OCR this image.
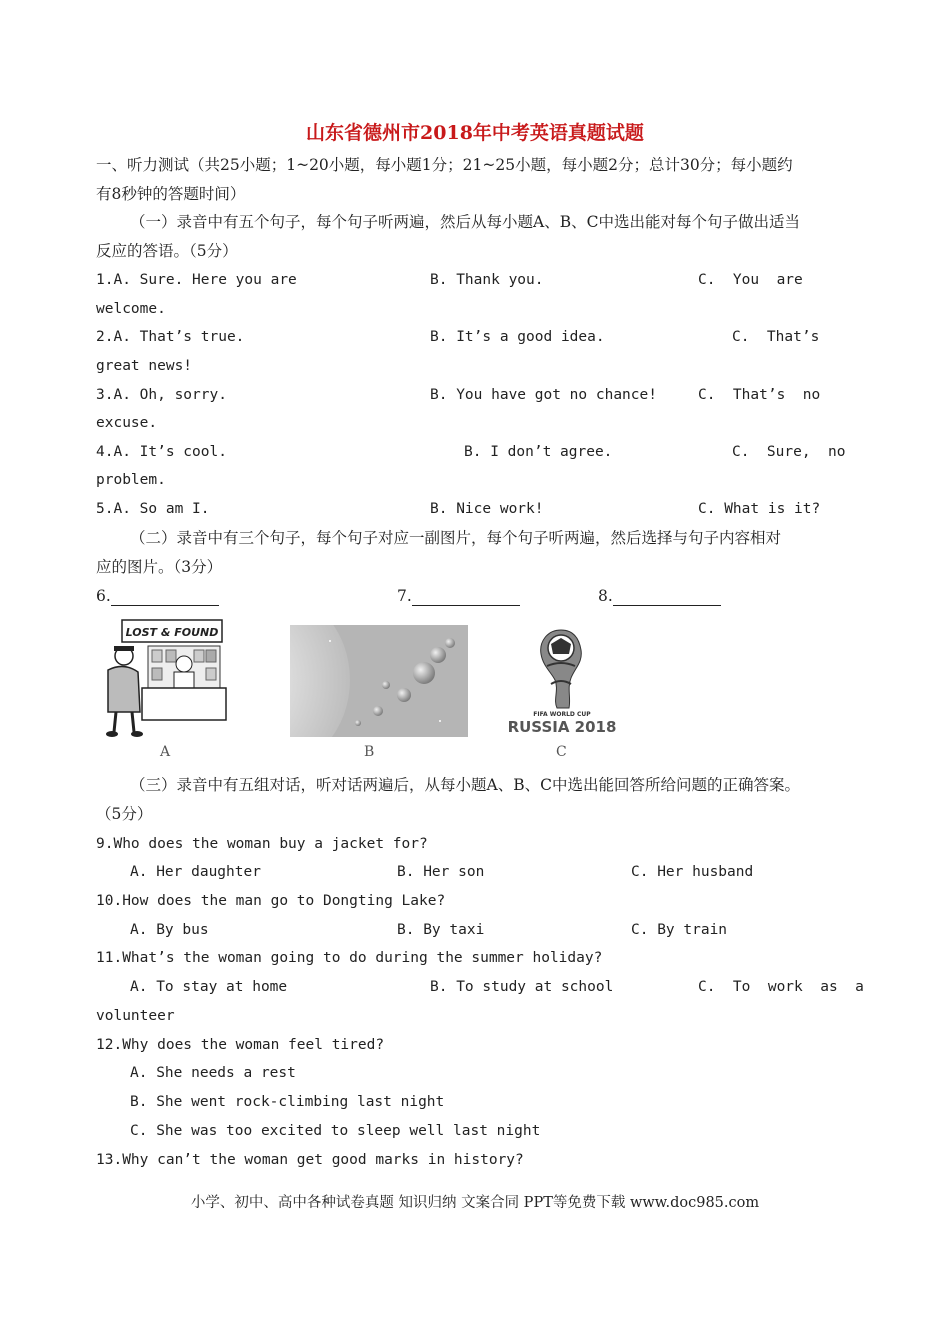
山东省德州市2018年中考英语真题试题
一、听力测试（共25小题；1~20小题，每小题1分；21~25小题，每小题2分；总计30分；每小题约
有8秒钟的答题时间）
（一）录音中有五个句子，每个句子听两遍，然后从每小题A、B、C中选出能对每个句子做出适当
反应的答语。（5分）
1.A. Sure. Here you are	B. Thank you.	C.  You  are
welcome.
2.A. That’s true.	B. It’s a good idea.	C.  That’s
great news!
3.A. Oh, sorry.	B. You have got no chance!	C.  That’s  no
excuse.
4.A. It’s cool.	B. I don’t agree.	C.  Sure,  no
problem.
5.A. So am I.	B. Nice work!	C. What is it?
（二）录音中有三个句子，每个句子对应一副图片，每个句子听两遍，然后选择与句子内容相对
应的图片。（3分）
6.	7.	8.
LOST & FOUND
FIFA WORLD CUP
RUSSIA 2018
A	B	C
（三）录音中有五组对话，听对话两遍后，从每小题A、B、C中选出能回答所给问题的正确答案。
（5分）
9.Who does the woman buy a jacket for?
A. Her daughter	B. Her son	C. Her husband
10.How does the man go to Dongting Lake?
A. By bus	B. By taxi	C. By train
11.What’s the woman going to do during the summer holiday?
A. To stay at home	B. To study at school	C.  To  work  as  a
volunteer
12.Why does the woman feel tired?
A. She needs a rest
B. She went rock-climbing last night
C. She was too excited to sleep well last night
13.Why can’t the woman get good marks in history?
小学、初中、高中各种试卷真题 知识归纳 文案合同 PPT等免费下载 www.doc985.com
